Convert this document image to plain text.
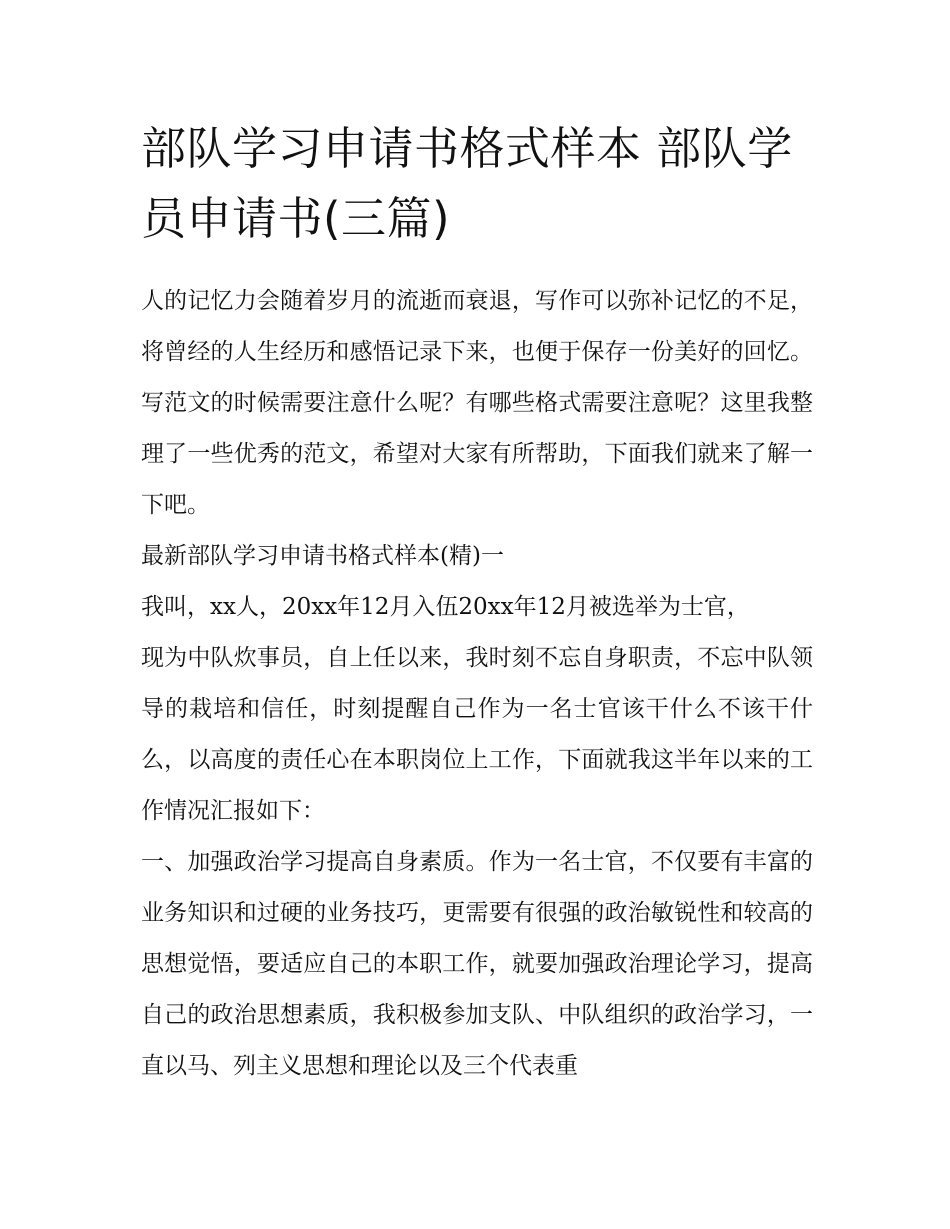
部队学习申请书格式样本 部队学员申请书(三篇)

人的记忆力会随着岁月的流逝而衰退，写作可以弥补记忆的不足，将曾经的人生经历和感悟记录下来，也便于保存一份美好的回忆。写范文的时候需要注意什么呢？有哪些格式需要注意呢？这里我整理了一些优秀的范文，希望对大家有所帮助，下面我们就来了解一下吧。

最新部队学习申请书格式样本(精)一

我叫，xx人，20xx年12月入伍20xx年12月被选举为士官，

现为中队炊事员，自上任以来，我时刻不忘自身职责，不忘中队领导的栽培和信任，时刻提醒自己作为一名士官该干什么不该干什么，以高度的责任心在本职岗位上工作，下面就我这半年以来的工作情况汇报如下：

一、加强政治学习提高自身素质。作为一名士官，不仅要有丰富的业务知识和过硬的业务技巧，更需要有很强的政治敏锐性和较高的思想觉悟，要适应自己的本职工作，就要加强政治理论学习，提高自己的政治思想素质，我积极参加支队、中队组织的政治学习，一直以马、列主义思想和理论以及三个代表重
